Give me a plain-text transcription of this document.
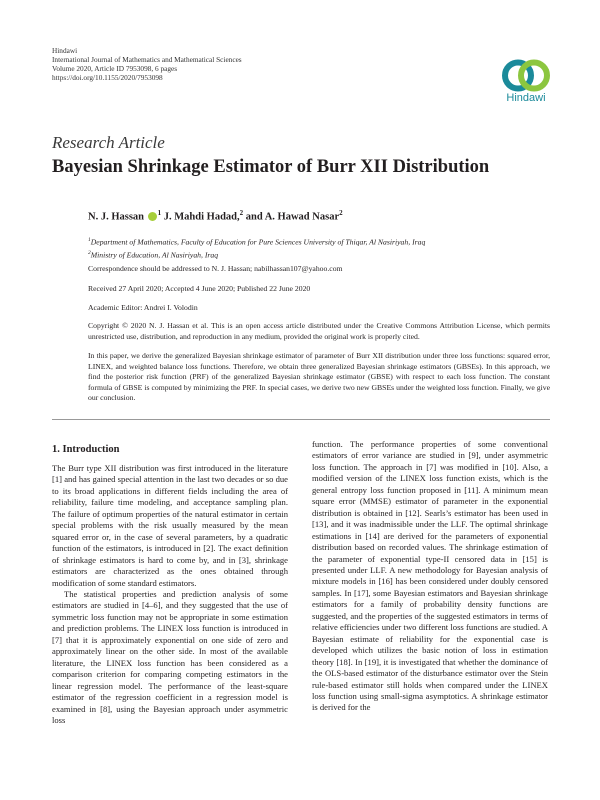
Hindawi
International Journal of Mathematics and Mathematical Sciences
Volume 2020, Article ID 7953098, 6 pages
https://doi.org/10.1155/2020/7953098
Hindawi
Research Article
Bayesian Shrinkage Estimator of Burr XII Distribution
N. J. Hassan $^1$ J. Mahdi Hadad,$^2$ and A. Hawad Nasar$^2$
$^1$Department of Mathematics, Faculty of Education for Pure Sciences University of Thiqar, Al Nasiriyah, Iraq
$^2$Ministry of Education, Al Nasiriyah, Iraq
Correspondence should be addressed to N. J. Hassan; nabilhassan107@yahoo.com
Received 27 April 2020; Accepted 4 June 2020; Published 22 June 2020
Academic Editor: Andrei I. Volodin
Copyright © 2020 N. J. Hassan et al. This is an open access article distributed under the Creative Commons Attribution License, which permits unrestricted use, distribution, and reproduction in any medium, provided the original work is properly cited.
In this paper, we derive the generalized Bayesian shrinkage estimator of parameter of Burr XII distribution under three loss functions: squared error, LINEX, and weighted balance loss functions. Therefore, we obtain three generalized Bayesian shrinkage estimators (GBSEs). In this approach, we find the posterior risk function (PRF) of the generalized Bayesian shrinkage estimator (GBSE) with respect to each loss function. The constant formula of GBSE is computed by minimizing the PRF. In special cases, we derive two new GBSEs under the weighted loss function. Finally, we give our conclusion.
1. Introduction

The Burr type XII distribution was first introduced in the literature [1] and has gained special attention in the last two decades or so due to its broad applications in different fields including the area of reliability, failure time modeling, and acceptance sampling plan. The failure of optimum properties of the natural estimator in certain special problems with the risk usually measured by the mean squared error or, in the case of several parameters, by a quadratic function of the estimators, is introduced in [2]. The exact definition of shrinkage estimators is hard to come by, and in [3], shrinkage estimators are characterized as the ones obtained through modification of some standard estimators.

The statistical properties and prediction analysis of some estimators are studied in [4–6], and they suggested that the use of symmetric loss function may not be appropriate in some estimation and prediction problems. The LINEX loss function is introduced in [7] that it is approximately exponential on one side of zero and approximately linear on the other side. In most of the available literature, the LINEX loss function has been considered as a comparison criterion for comparing competing estimators in the linear regression model. The performance of the least-square estimator of the regression coefficient in a regression model is examined in [8], using the Bayesian approach under asymmetric loss

function. The performance properties of some conventional estimators of error variance are studied in [9], under asymmetric loss function. The approach in [7] was modified in [10]. Also, a modified version of the LINEX loss function exists, which is the general entropy loss function proposed in [11]. A minimum mean square error (MMSE) estimator of parameter in the exponential distribution is obtained in [12]. Searls’s estimator has been used in [13], and it was inadmissible under the LLF. The optimal shrinkage estimations in [14] are derived for the parameters of exponential distribution based on recorded values. The shrinkage estimation of the parameter of exponential type-II censored data in [15] is presented under LLF. A new methodology for Bayesian analysis of mixture models in [16] has been considered under doubly censored samples. In [17], some Bayesian estimators and Bayesian shrinkage estimators for a family of probability density functions are suggested, and the properties of the suggested estimators in terms of relative efficiencies under two different loss functions are studied. A Bayesian estimate of reliability for the exponential case is developed which utilizes the basic notion of loss in estimation theory [18]. In [19], it is investigated that whether the dominance of the OLS-based estimator of the disturbance estimator over the Stein rule-based estimator still holds when compared under the LINEX loss function using small-sigma asymptotics. A shrinkage estimator is derived for the
